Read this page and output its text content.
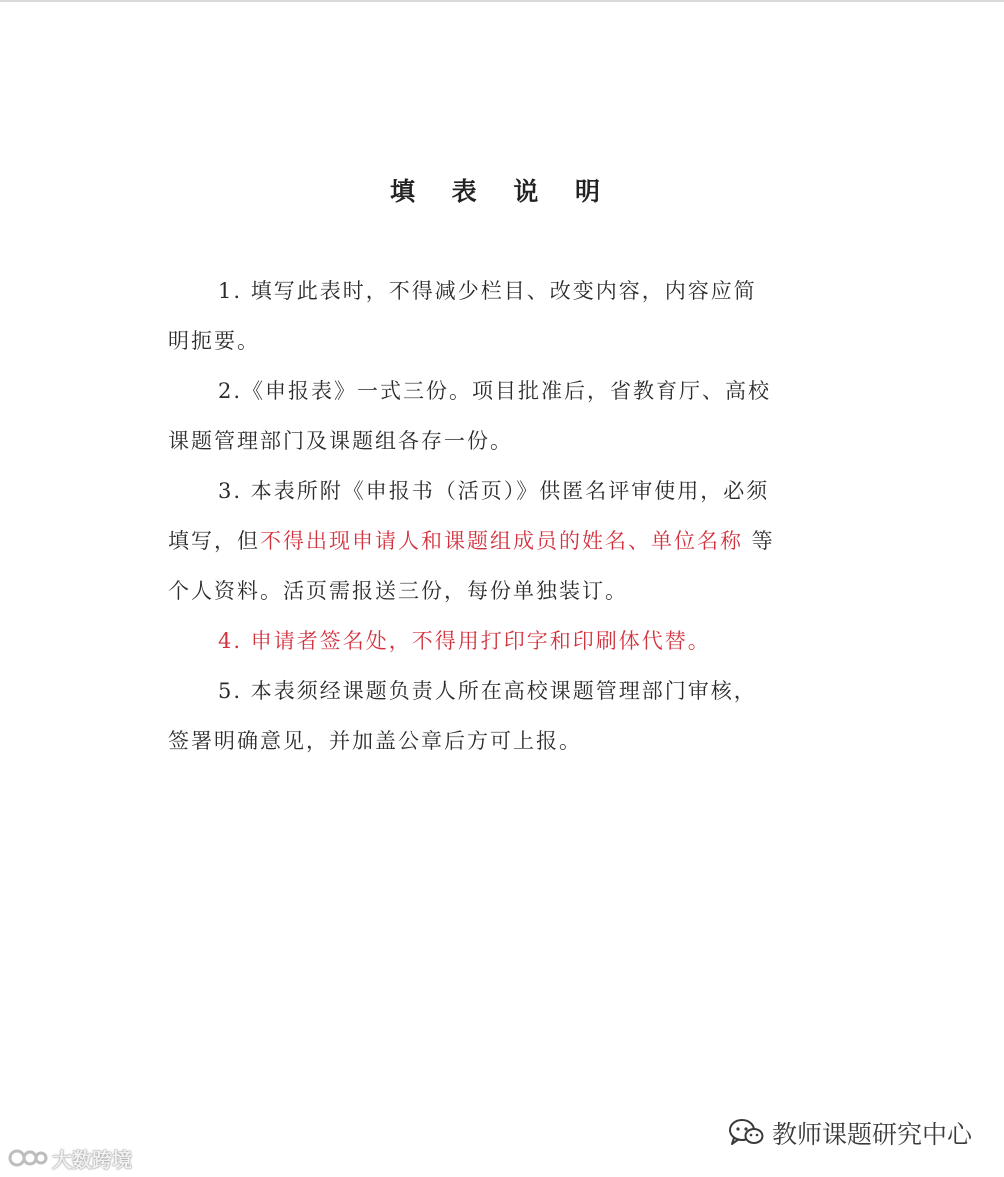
填 表 说 明
1. 填写此表时，不得减少栏目、改变内容，内容应简
明扼要。
2.《申报表》一式三份。项目批准后，省教育厅、高校
课题管理部门及课题组各存一份。
3. 本表所附《申报书（活页）》供匿名评审使用，必须
填写，但不得出现申请人和课题组成员的姓名、单位名称 等
个人资料。活页需报送三份，每份单独装订。
4. 申请者签名处，不得用打印字和印刷体代替。
5. 本表须经课题负责人所在高校课题管理部门审核，
签署明确意见，并加盖公章后方可上报。
教师课题研究中心
大数跨境
